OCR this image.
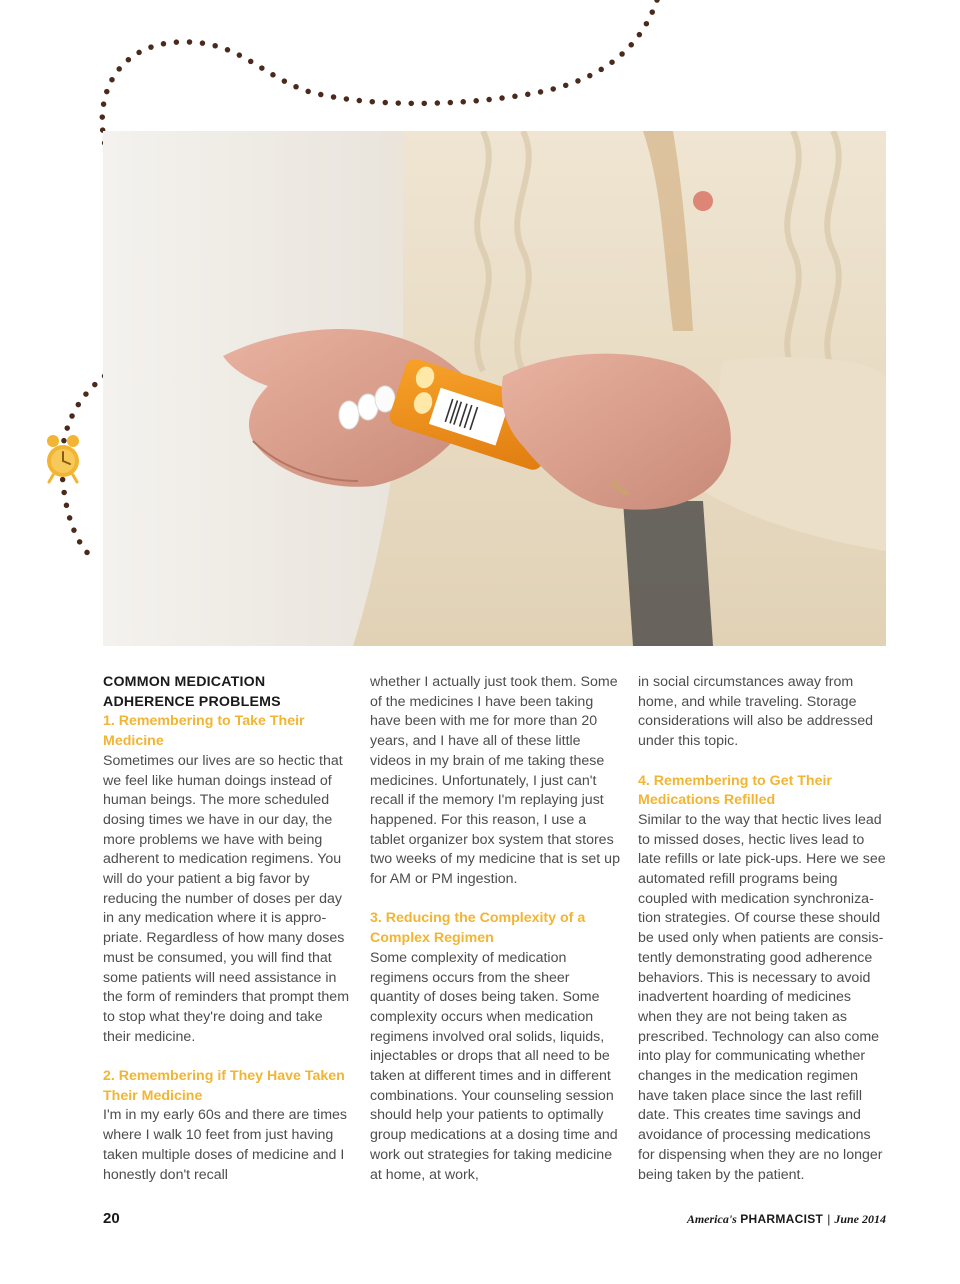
COMMON MEDICATION ADHERENCE PROBLEMS

1. Remembering to Take Their Medicine

Sometimes our lives are so hectic that we feel like human doings instead of human beings. The more scheduled dosing times we have in our day, the more problems we have with being adherent to medication regimens. You will do your patient a big favor by reducing the number of doses per day in any medication where it is appropriate. Regardless of how many doses must be consumed, you will find that some patients will need assistance in the form of reminders that prompt them to stop what they're doing and take their medicine.

2. Remembering if They Have Taken Their Medicine

I'm in my early 60s and there are times where I walk 10 feet from just having taken multiple doses of medicine and I honestly don't recall

whether I actually just took them. Some of the medicines I have been taking have been with me for more than 20 years, and I have all of these little videos in my brain of me taking these medicines. Unfortunately, I just can't recall if the memory I'm replaying just happened. For this reason, I use a tablet organizer box system that stores two weeks of my medicine that is set up for AM or PM ingestion.

3. Reducing the Complexity of a Complex Regimen

Some complexity of medication regimens occurs from the sheer quantity of doses being taken. Some complexity occurs when medication regimens involved oral solids, liquids, injectables or drops that all need to be taken at different times and in different combinations. Your counseling session should help your patients to optimally group medications at a dosing time and work out strategies for taking medicine at home, at work,

in social circumstances away from home, and while traveling. Storage considerations will also be addressed under this topic.

4. Remembering to Get Their Medications Refilled

Similar to the way that hectic lives lead to missed doses, hectic lives lead to late refills or late pick-ups. Here we see automated refill programs being coupled with medication synchronization strategies. Of course these should be used only when patients are consistently demonstrating good adherence behaviors. This is necessary to avoid inadvertent hoarding of medicines when they are not being taken as prescribed. Technology can also come into play for communicating whether changes in the medication regimen have taken place since the last refill date. This creates time savings and avoidance of processing medications for dispensing when they are no longer being taken by the patient.

20	America's PHARMACIST | June 2014
